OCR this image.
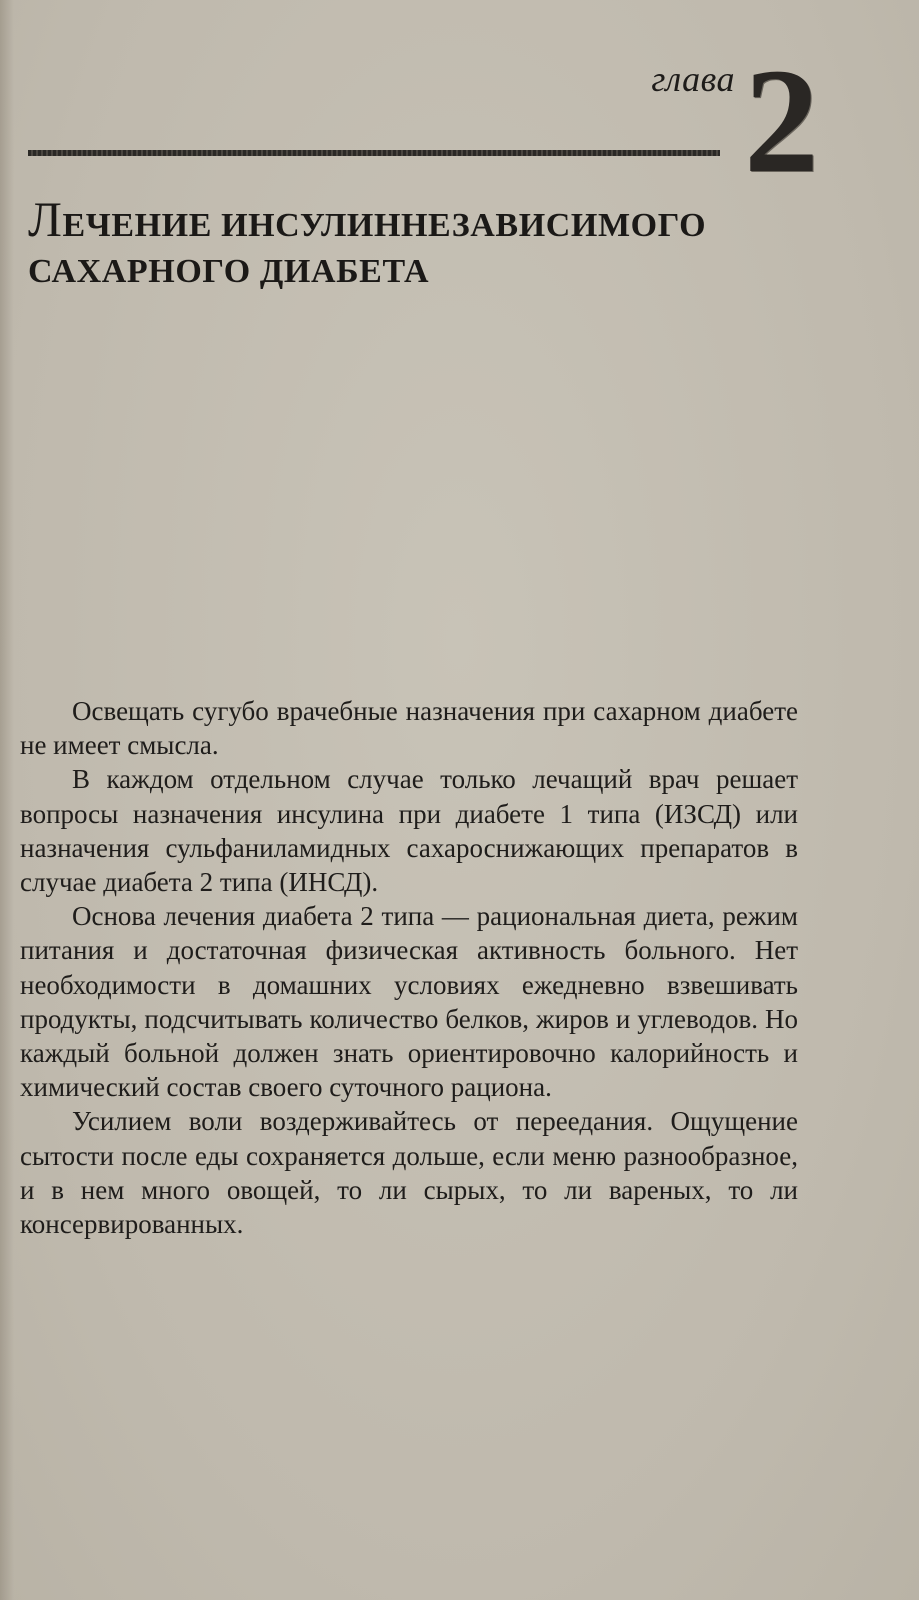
глава 2
ЛЕЧЕНИЕ ИНСУЛИННЕЗАВИСИМОГО
САХАРНОГО ДИАБЕТА

Освещать сугубо врачебные назначения при сахарном диабете не имеет смысла.

В каждом отдельном случае только лечащий врач решает вопросы назначения инсулина при диабете 1 типа (ИЗСД) или назначения сульфаниламидных сахароснижающих препаратов в случае диабета 2 типа (ИНСД).

Основа лечения диабета 2 типа — рациональная диета, режим питания и достаточная физическая активность больного. Нет необходимости в домашних условиях ежедневно взвешивать продукты, подсчитывать количество белков, жиров и углеводов. Но каждый больной должен знать ориентировочно калорийность и химический состав своего суточного рациона.

Усилием воли воздерживайтесь от переедания. Ощущение сытости после еды сохраняется дольше, если меню разнообразное, и в нем много овощей, то ли сырых, то ли вареных, то ли консервированных.
